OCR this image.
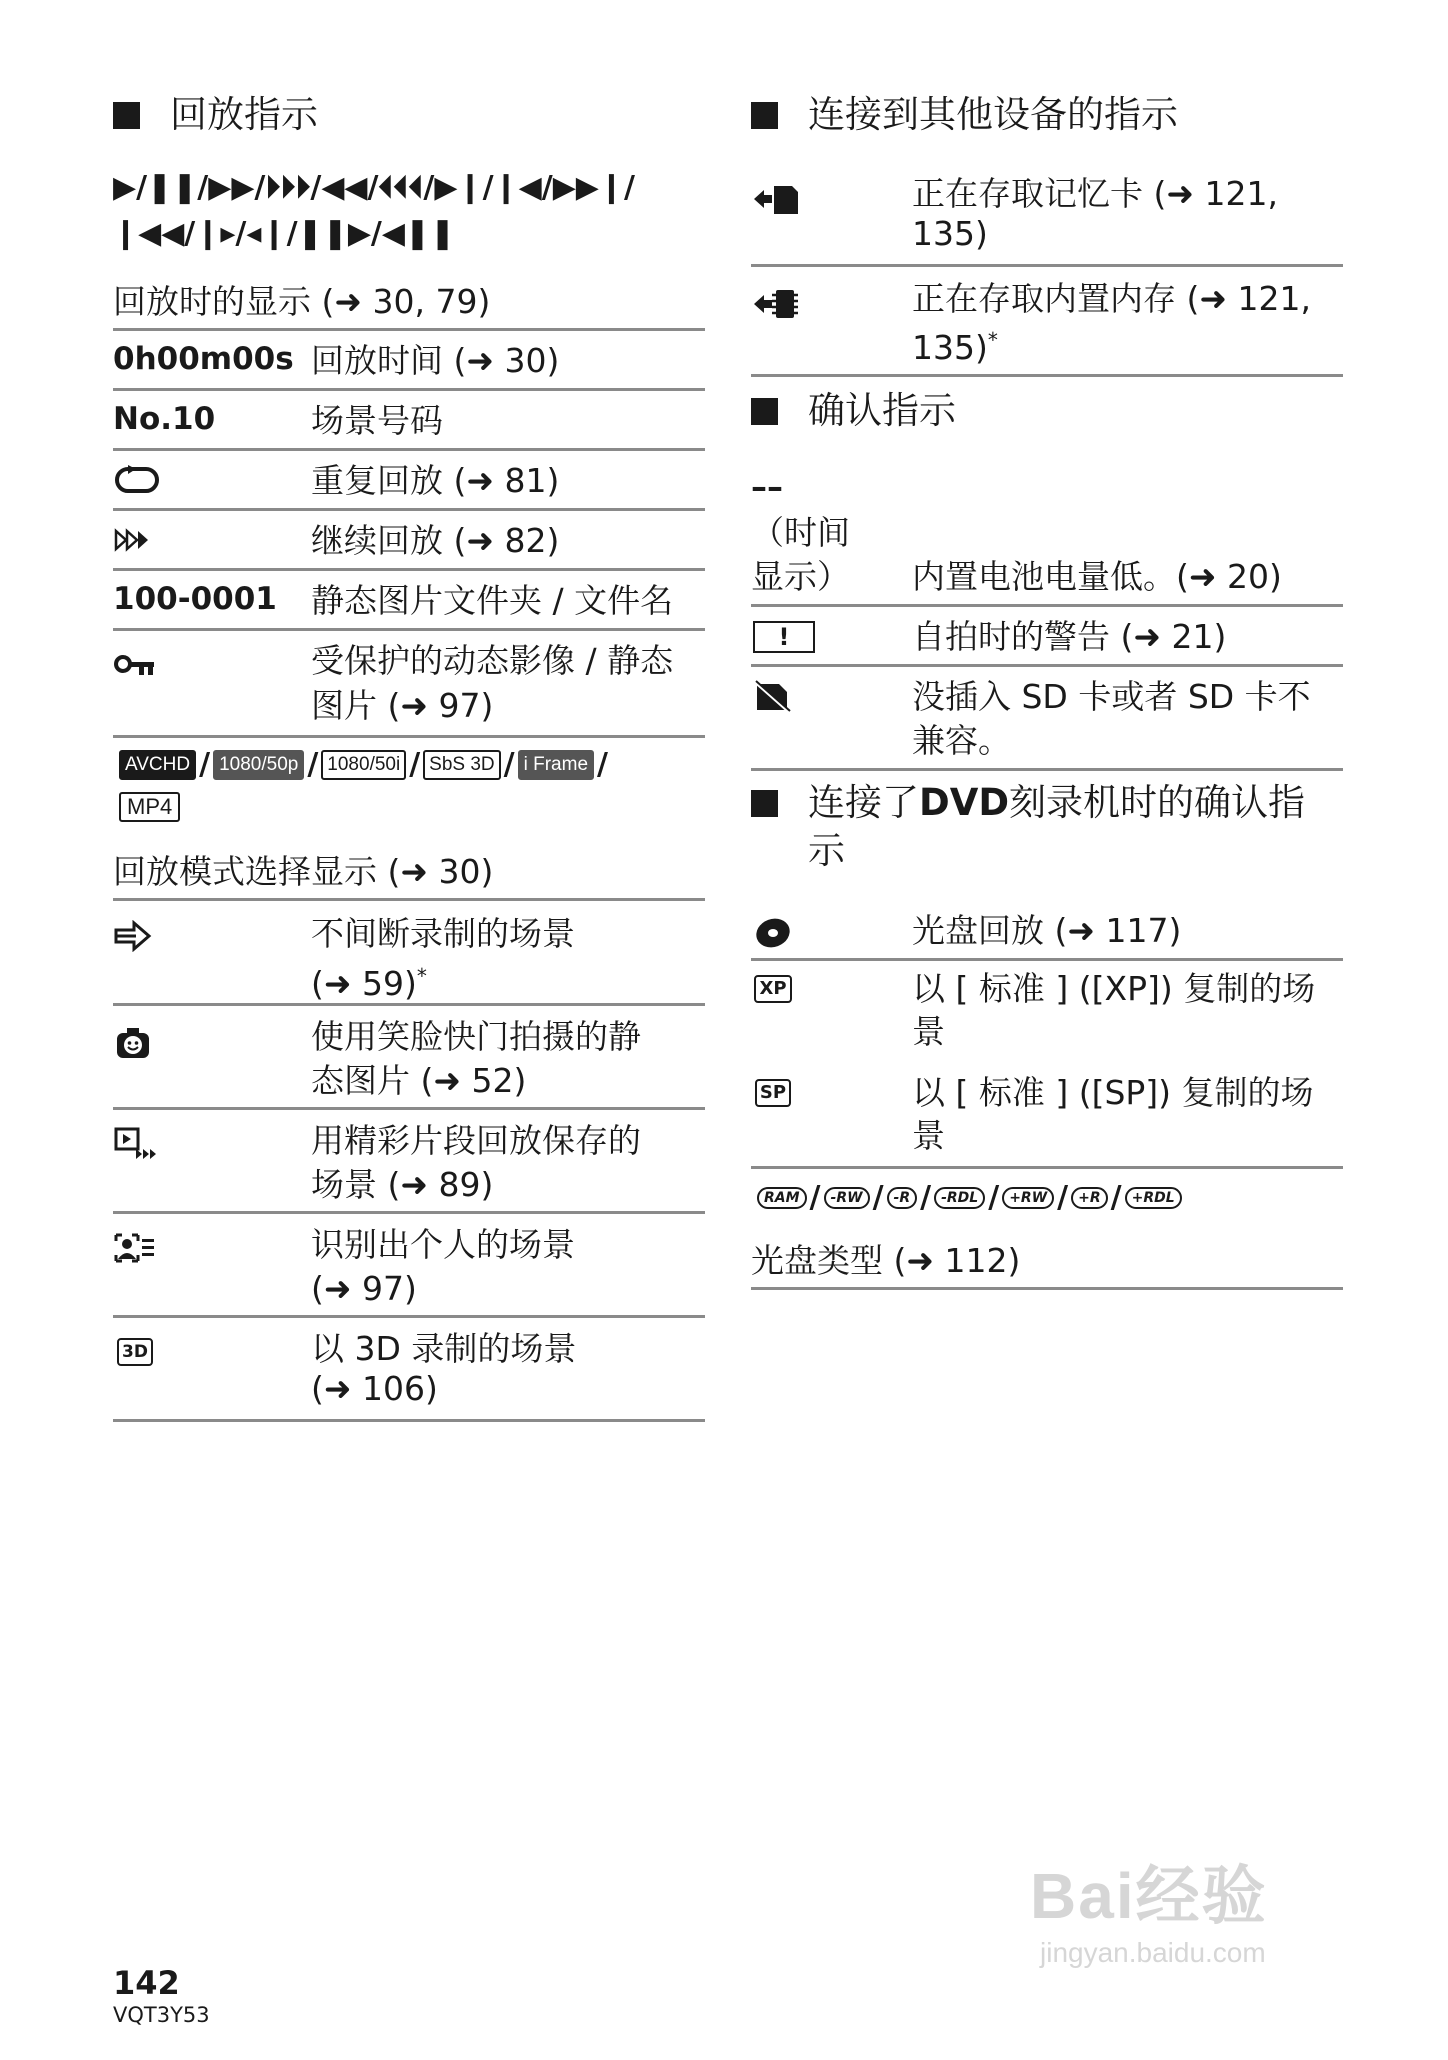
回放指示
▶/❚❚/▶▶/⏵⏵⏵/◀◀/⏴⏴⏴/▶❙/❙◀/▶▶❙/
❙◀◀/❙▸/◂❙/❚❚▶/◀❚❚
回放时的显示 (➜ 30, 79)
0h00m00s 回放时间 (➜ 30)
No.10	场景号码
重复回放 (➜ 81)
继续回放 (➜ 82)
100-0001 静态图片文件夹 / 文件名
受保护的动态影像 / 静态
图片 (➜ 97)
AVCHD / 1080/50p / 1080/50i / SbS 3D / i Frame /
MP4
回放模式选择显示 (➜ 30)
不间断录制的场景
(➜ 59)*
使用笑脸快门拍摄的静
态图片 (➜ 52)
用精彩片段回放保存的
场景 (➜ 89)
识别出个人的场景
(➜ 97)
3D	以 3D 录制的场景
(➜ 106)
连接到其他设备的指示
正在存取记忆卡 (➜ 121,
135)
正在存取内置内存 (➜ 121,
135)*
确认指示
––
（时间
显示） 内置电池电量低。(➜ 20)
!	自拍时的警告 (➜ 21)
没插入 SD 卡或者 SD 卡不
兼容。
连接了DVD刻录机时的确认指
示
光盘回放 (➜ 117)
XP	以 [ 标准 ] ([XP]) 复制的场
景
SP	以 [ 标准 ] ([SP]) 复制的场
景
RAM / -RW / -R / -RDL / +RW / +R / +RDL
光盘类型 (➜ 112)
142
VQT3Y53
Bai经验
jingyan.baidu.com
